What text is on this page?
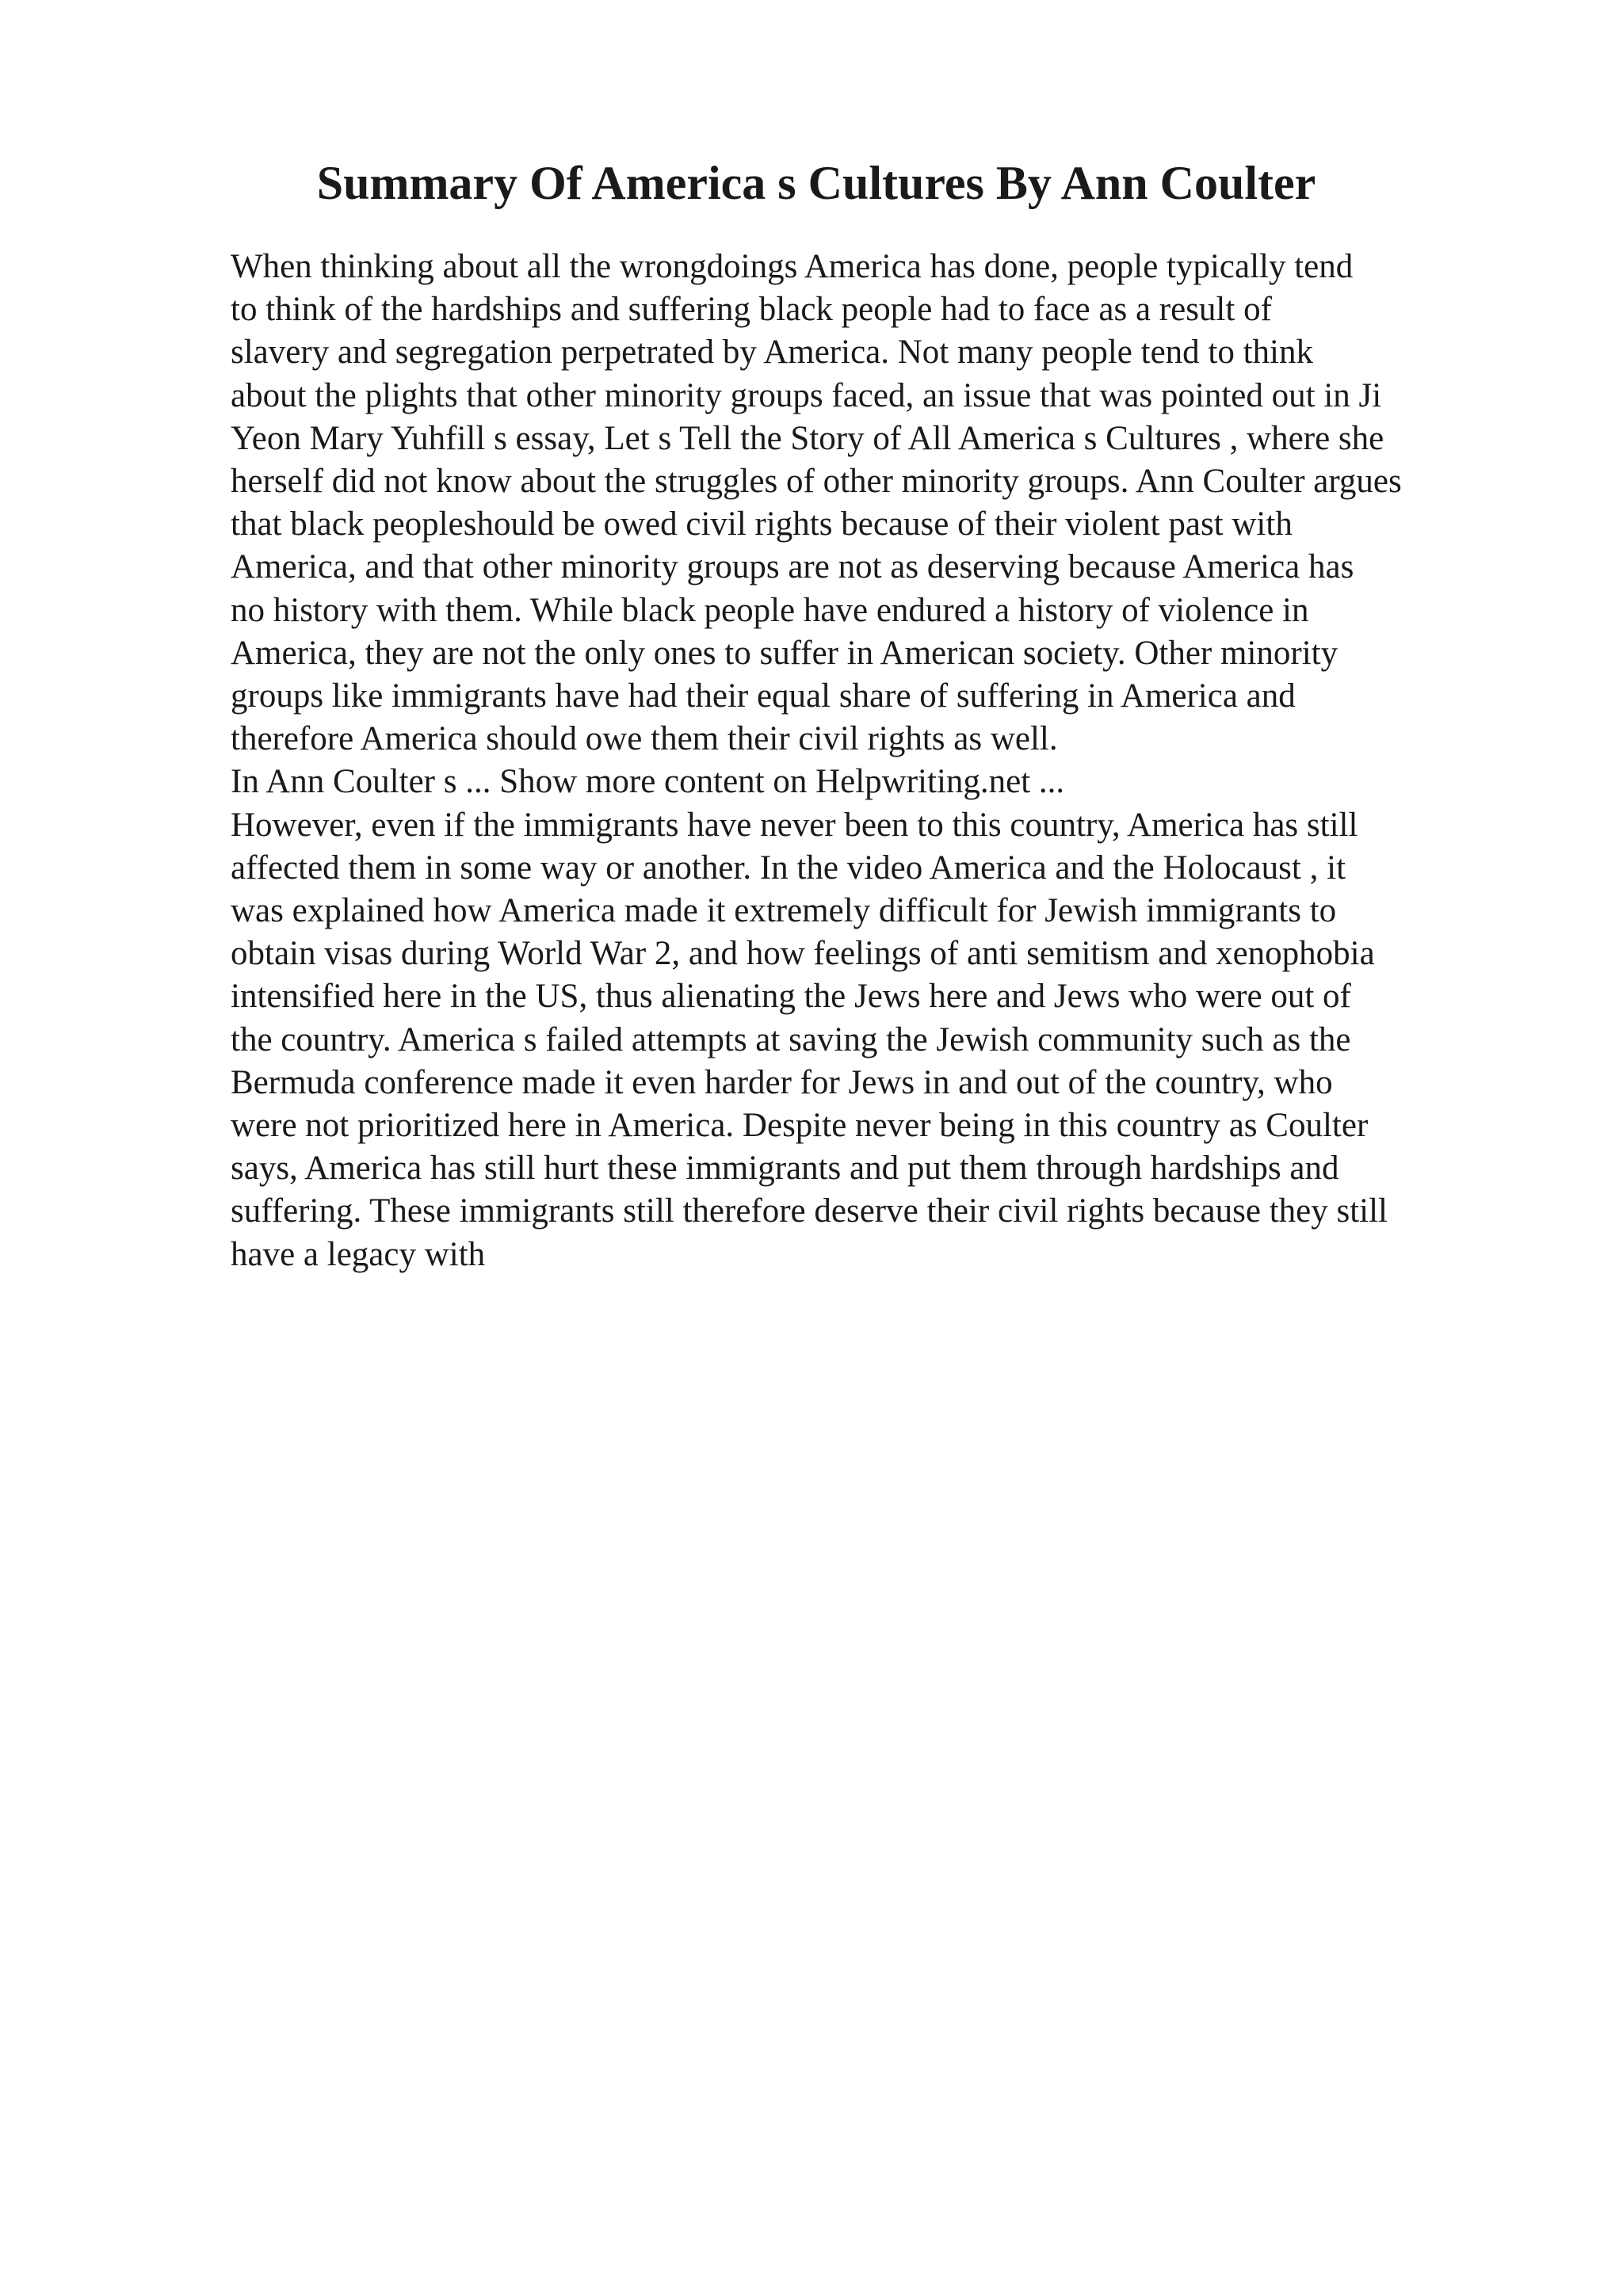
Summary Of America s Cultures By Ann Coulter
When thinking about all the wrongdoings America has done, people typically tend
to think of the hardships and suffering black people had to face as a result of
slavery and segregation perpetrated by America. Not many people tend to think
about the plights that other minority groups faced, an issue that was pointed out in Ji
Yeon Mary Yuhfill s essay, Let s Tell the Story of All America s Cultures , where she
herself did not know about the struggles of other minority groups. Ann Coulter argues
that black peopleshould be owed civil rights because of their violent past with
America, and that other minority groups are not as deserving because America has
no history with them. While black people have endured a history of violence in
America, they are not the only ones to suffer in American society. Other minority
groups like immigrants have had their equal share of suffering in America and
therefore America should owe them their civil rights as well.
In Ann Coulter s ... Show more content on Helpwriting.net ...
However, even if the immigrants have never been to this country, America has still
affected them in some way or another. In the video America and the Holocaust , it
was explained how America made it extremely difficult for Jewish immigrants to
obtain visas during World War 2, and how feelings of anti semitism and xenophobia
intensified here in the US, thus alienating the Jews here and Jews who were out of
the country. America s failed attempts at saving the Jewish community such as the
Bermuda conference made it even harder for Jews in and out of the country, who
were not prioritized here in America. Despite never being in this country as Coulter
says, America has still hurt these immigrants and put them through hardships and
suffering. These immigrants still therefore deserve their civil rights because they still
have a legacy with
